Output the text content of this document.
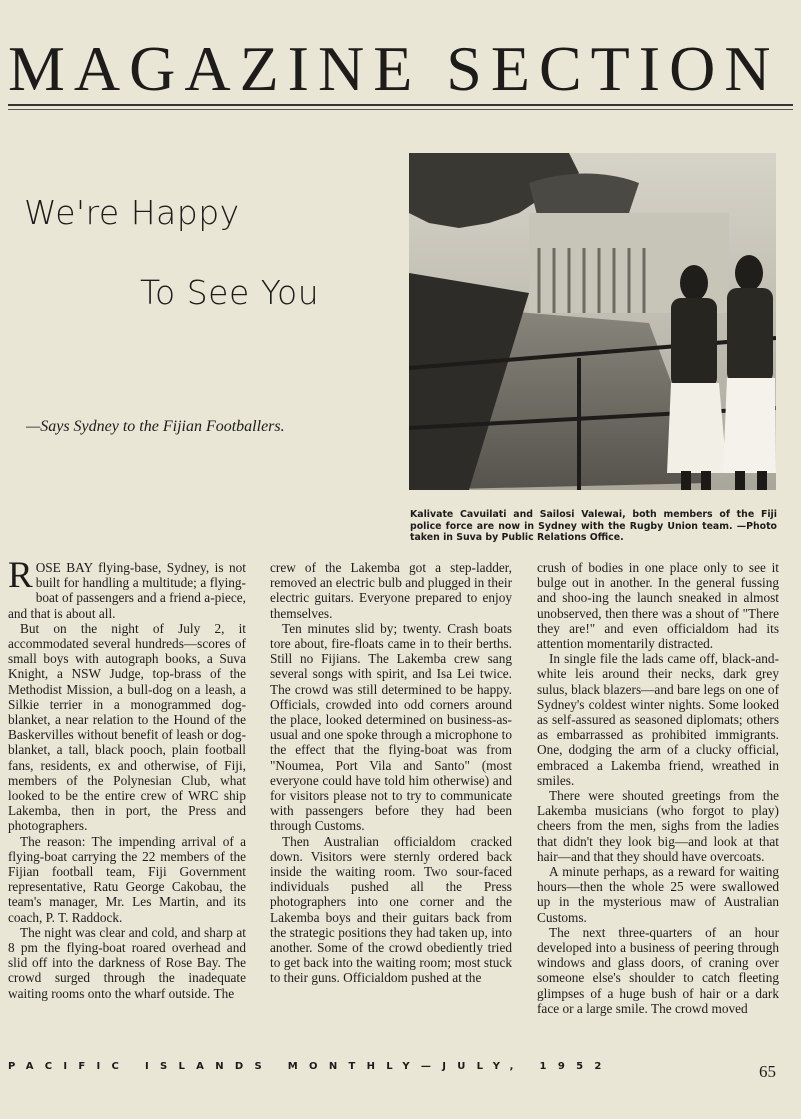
MAGAZINE SECTION
We're Happy
To See You
—Says Sydney to the Fijian Footballers.
Kalivate Cavuilati and Sailosi Valewai, both members of the Fiji police force are now in Sydney with the Rugby Union team. —Photo taken in Suva by Public Relations Office.

ROSE BAY flying-base, Sydney, is not built for handling a multitude; a flying-boat of passengers and a friend a-piece, and that is about all.

But on the night of July 2, it accommodated several hundreds—scores of small boys with autograph books, a Suva Knight, a NSW Judge, top-brass of the Methodist Mission, a bull-dog on a leash, a Silkie terrier in a monogrammed dog-blanket, a near relation to the Hound of the Baskervilles without benefit of leash or dog-blanket, a tall, black pooch, plain football fans, residents, ex and otherwise, of Fiji, members of the Polynesian Club, what looked to be the entire crew of WRC ship Lakemba, then in port, the Press and photographers.

The reason: The impending arrival of a flying-boat carrying the 22 members of the Fijian football team, Fiji Government representative, Ratu George Cakobau, the team's manager, Mr. Les Martin, and its coach, P. T. Raddock.

The night was clear and cold, and sharp at 8 pm the flying-boat roared overhead and slid off into the darkness of Rose Bay. The crowd surged through the inadequate waiting rooms onto the wharf outside. The

crew of the Lakemba got a step-ladder, removed an electric bulb and plugged in their electric guitars. Everyone prepared to enjoy themselves.

Ten minutes slid by; twenty. Crash boats tore about, fire-floats came in to their berths. Still no Fijians. The Lakemba crew sang several songs with spirit, and Isa Lei twice. The crowd was still determined to be happy. Officials, crowded into odd corners around the place, looked determined on business-as-usual and one spoke through a microphone to the effect that the flying-boat was from "Noumea, Port Vila and Santo" (most everyone could have told him otherwise) and for visitors please not to try to communicate with passengers before they had been through Customs.

Then Australian officialdom cracked down. Visitors were sternly ordered back inside the waiting room. Two sour-faced individuals pushed all the Press photographers into one corner and the Lakemba boys and their guitars back from the strategic positions they had taken up, into another. Some of the crowd obediently tried to get back into the waiting room; most stuck to their guns. Officialdom pushed at the

crush of bodies in one place only to see it bulge out in another. In the general fussing and shoo-ing the launch sneaked in almost unobserved, then there was a shout of "There they are!" and even officialdom had its attention momentarily distracted.

In single file the lads came off, black-and-white leis around their necks, dark grey sulus, black blazers—and bare legs on one of Sydney's coldest winter nights. Some looked as self-assured as seasoned diplomats; others as embarrassed as prohibited immigrants. One, dodging the arm of a clucky official, embraced a Lakemba friend, wreathed in smiles.

There were shouted greetings from the Lakemba musicians (who forgot to play) cheers from the men, sighs from the ladies that didn't they look big—and look at that hair—and that they should have overcoats.

A minute perhaps, as a reward for waiting hours—then the whole 25 were swallowed up in the mysterious maw of Australian Customs.

The next three-quarters of an hour developed into a business of peering through windows and glass doors, of craning over someone else's shoulder to catch fleeting glimpses of a huge bush of hair or a dark face or a large smile. The crowd moved

PACIFIC ISLANDS MONTHLY—JULY, 1952	65
